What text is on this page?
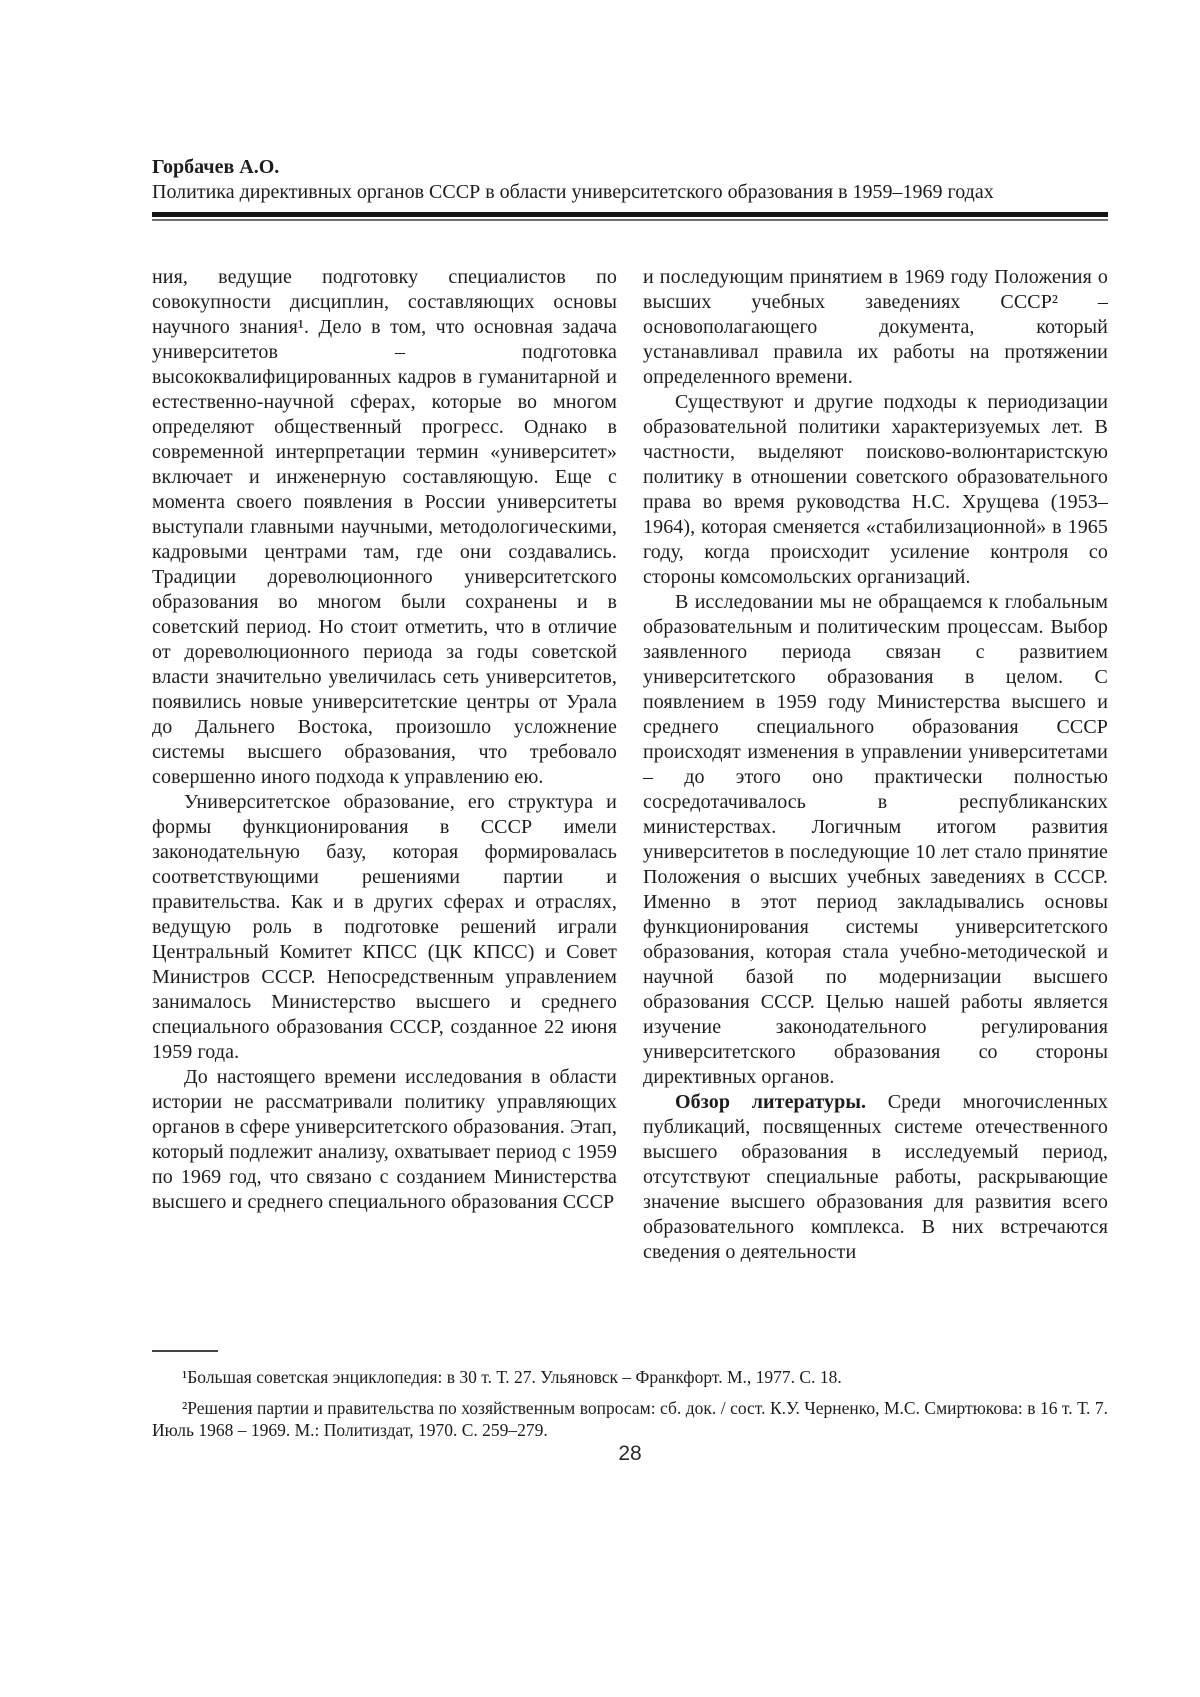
Горбачев А.О.
Политика директивных органов СССР в области университетского образования в 1959–1969 годах

ния, ведущие подготовку специалистов по совокупности дисциплин, составляющих основы научного знания¹. Дело в том, что основная задача университетов – подготовка высококвалифицированных кадров в гуманитарной и естественно-научной сферах, которые во многом определяют общественный прогресс. Однако в современной интерпретации термин «университет» включает и инженерную составляющую. Еще с момента своего появления в России университеты выступали главными научными, методологическими, кадровыми центрами там, где они создавались. Традиции дореволюционного университетского образования во многом были сохранены и в советский период. Но стоит отметить, что в отличие от дореволюционного периода за годы советской власти значительно увеличилась сеть университетов, появились новые университетские центры от Урала до Дальнего Востока, произошло усложнение системы высшего образования, что требовало совершенно иного подхода к управлению ею.

Университетское образование, его структура и формы функционирования в СССР имели законодательную базу, которая формировалась соответствующими решениями партии и правительства. Как и в других сферах и отраслях, ведущую роль в подготовке решений играли Центральный Комитет КПСС (ЦК КПСС) и Совет Министров СССР. Непосредственным управлением занималось Министерство высшего и среднего специального образования СССР, созданное 22 июня 1959 года.

До настоящего времени исследования в области истории не рассматривали политику управляющих органов в сфере университетского образования. Этап, который подлежит анализу, охватывает период с 1959 по 1969 год, что связано с созданием Министерства высшего и среднего специального образования СССР

и последующим принятием в 1969 году Положения о высших учебных заведениях СССР² – основополагающего документа, который устанавливал правила их работы на протяжении определенного времени.

Существуют и другие подходы к периодизации образовательной политики характеризуемых лет. В частности, выделяют поисково-волюнтаристскую политику в отношении советского образовательного права во время руководства Н.С. Хрущева (1953–1964), которая сменяется «стабилизационной» в 1965 году, когда происходит усиление контроля со стороны комсомольских организаций.

В исследовании мы не обращаемся к глобальным образовательным и политическим процессам. Выбор заявленного периода связан с развитием университетского образования в целом. С появлением в 1959 году Министерства высшего и среднего специального образования СССР происходят изменения в управлении университетами – до этого оно практически полностью сосредотачивалось в республиканских министерствах. Логичным итогом развития университетов в последующие 10 лет стало принятие Положения о высших учебных заведениях в СССР. Именно в этот период закладывались основы функционирования системы университетского образования, которая стала учебно-методической и научной базой по модернизации высшего образования СССР. Целью нашей работы является изучение законодательного регулирования университетского образования со стороны директивных органов.

Обзор литературы. Среди многочисленных публикаций, посвященных системе отечественного высшего образования в исследуемый период, отсутствуют специальные работы, раскрывающие значение высшего образования для развития всего образовательного комплекса. В них встречаются сведения о деятельности

¹Большая советская энциклопедия: в 30 т. Т. 27. Ульяновск – Франкфорт. М., 1977. С. 18.

²Решения партии и правительства по хозяйственным вопросам: сб. док. / сост. К.У. Черненко, М.С. Смиртюкова: в 16 т. Т. 7. Июль 1968 – 1969. М.: Политиздат, 1970. С. 259–279.

28
